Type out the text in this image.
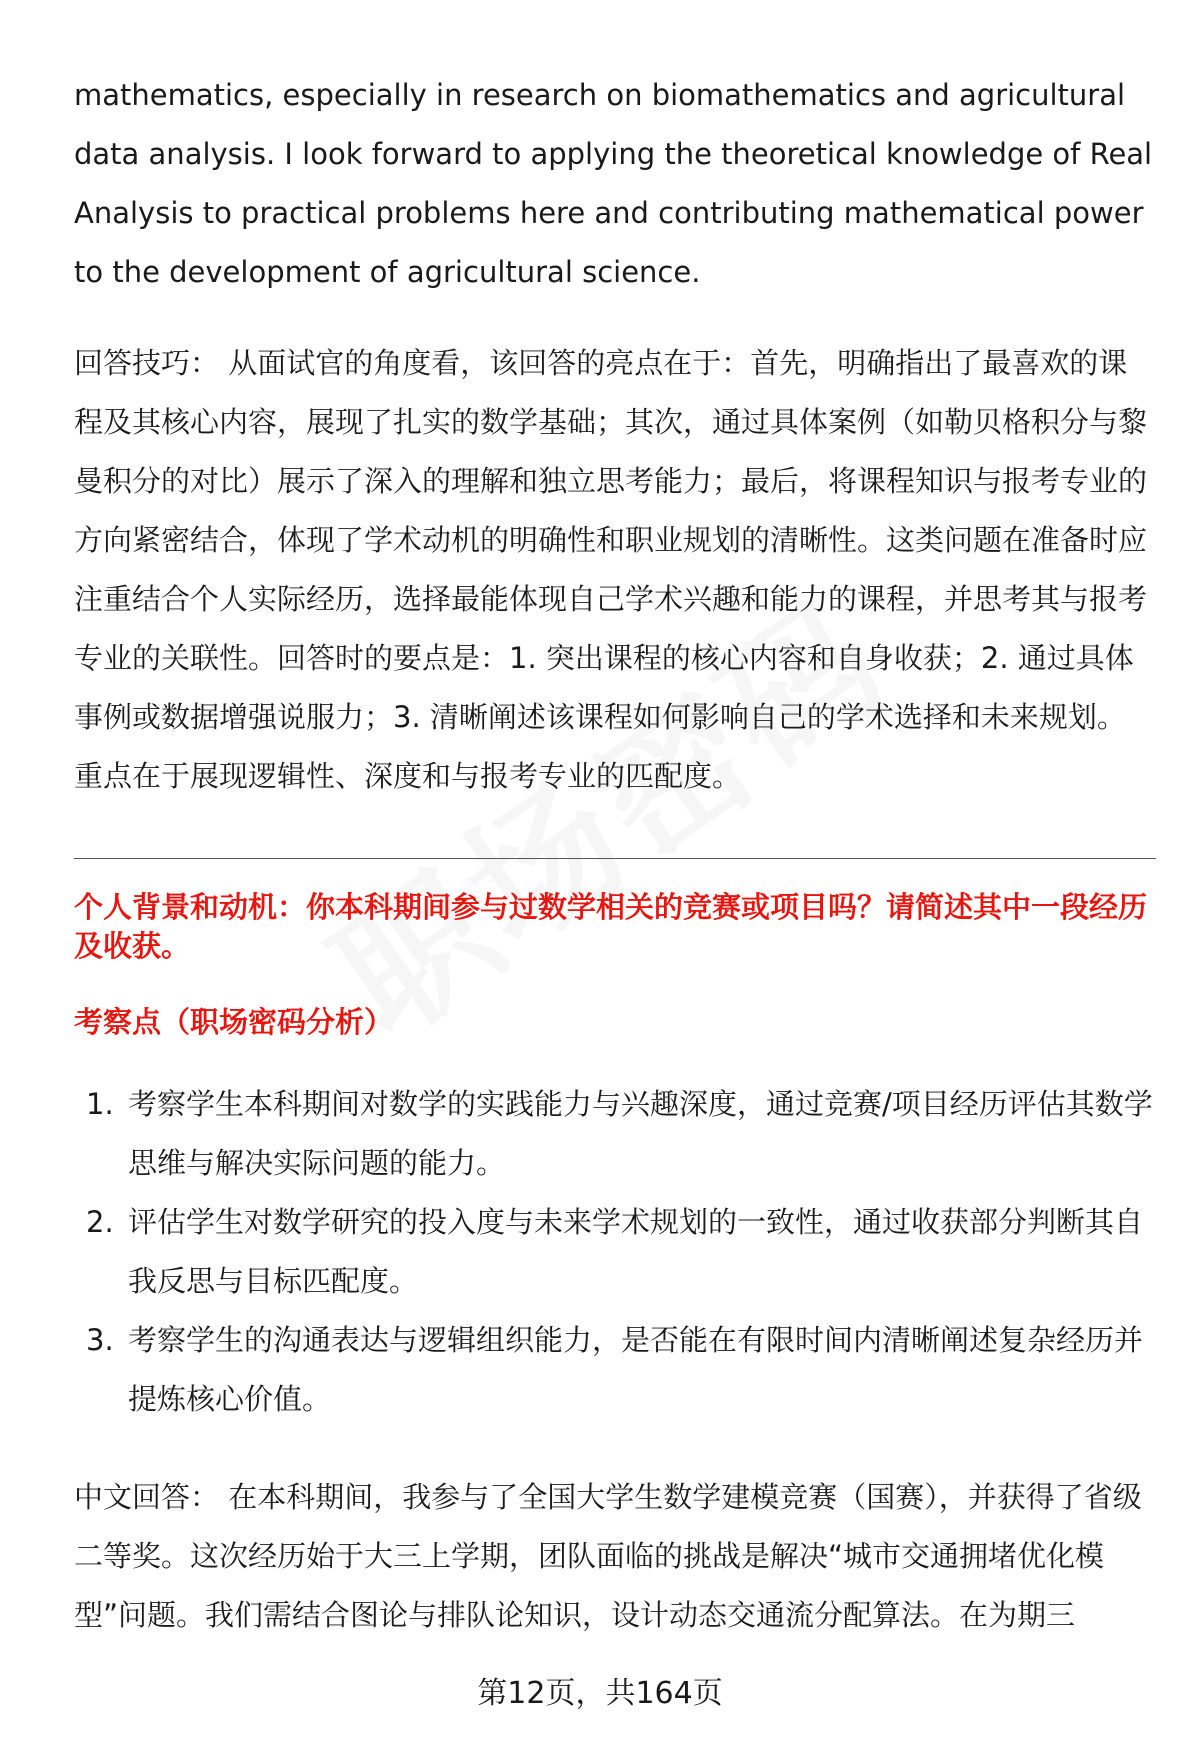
mathematics, especially in research on biomathematics and agricultural data analysis. I look forward to applying the theoretical knowledge of Real Analysis to practical problems here and contributing mathematical power to the development of agricultural science.

回答技巧： 从面试官的角度看，该回答的亮点在于：首先，明确指出了最喜欢的课程及其核心内容，展现了扎实的数学基础；其次，通过具体案例（如勒贝格积分与黎曼积分的对比）展示了深入的理解和独立思考能力；最后，将课程知识与报考专业的方向紧密结合，体现了学术动机的明确性和职业规划的清晰性。这类问题在准备时应注重结合个人实际经历，选择最能体现自己学术兴趣和能力的课程，并思考其与报考专业的关联性。回答时的要点是：1. 突出课程的核心内容和自身收获；2. 通过具体事例或数据增强说服力；3. 清晰阐述该课程如何影响自己的学术选择和未来规划。重点在于展现逻辑性、深度和与报考专业的匹配度。

个人背景和动机：你本科期间参与过数学相关的竞赛或项目吗？请简述其中一段经历及收获。

考察点（职场密码分析）

1. 考察学生本科期间对数学的实践能力与兴趣深度，通过竞赛/项目经历评估其数学思维与解决实际问题的能力。
2. 评估学生对数学研究的投入度与未来学术规划的一致性，通过收获部分判断其自我反思与目标匹配度。
3. 考察学生的沟通表达与逻辑组织能力，是否能在有限时间内清晰阐述复杂经历并提炼核心价值。

中文回答： 在本科期间，我参与了全国大学生数学建模竞赛（国赛），并获得了省级二等奖。这次经历始于大三上学期，团队面临的挑战是解决“城市交通拥堵优化模型”问题。我们需结合图论与排队论知识，设计动态交通流分配算法。在为期三

第12页，共164页
